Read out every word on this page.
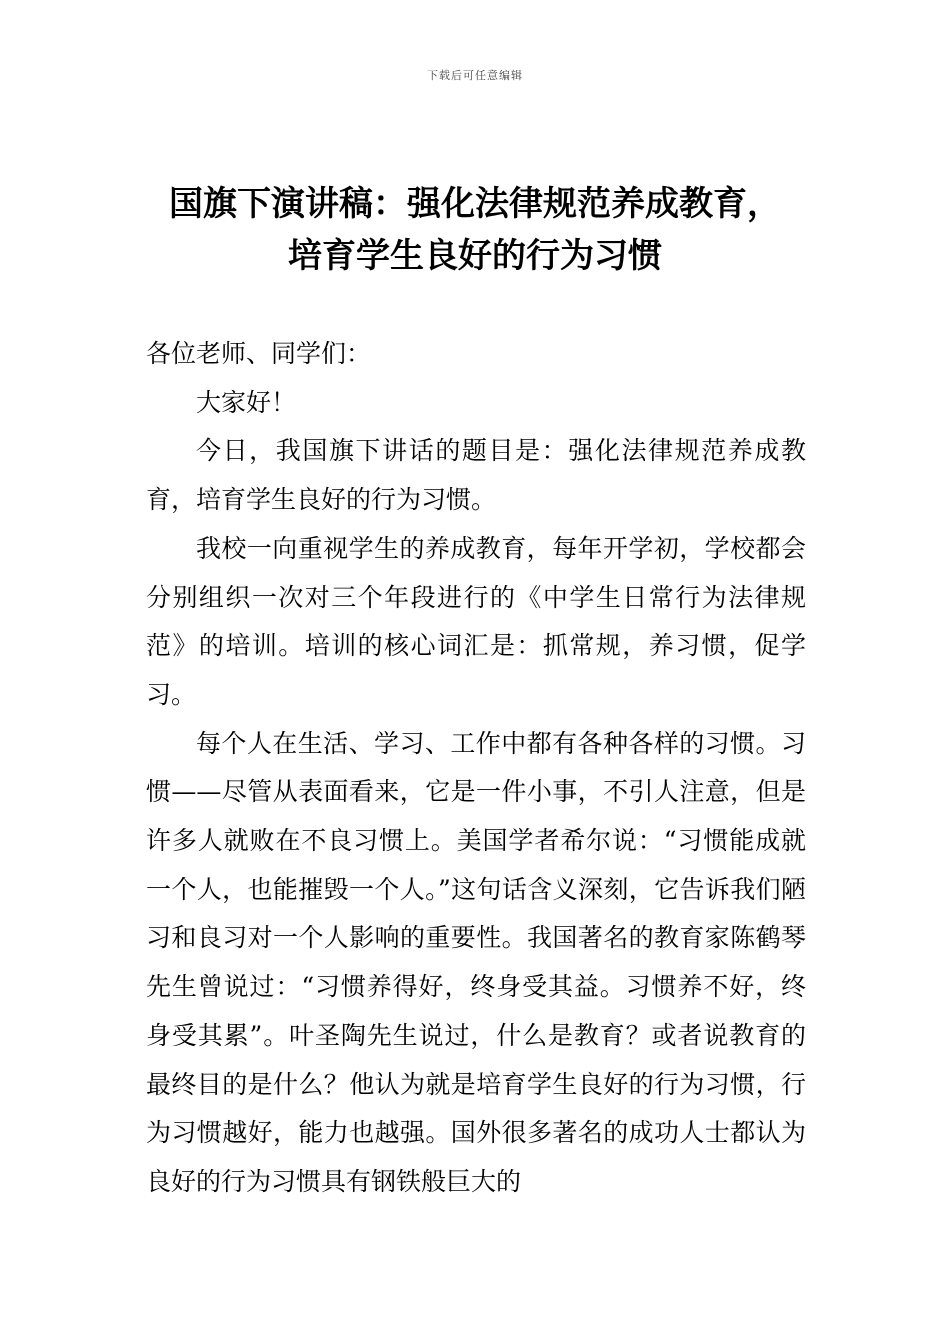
下载后可任意编辑
国旗下演讲稿：强化法律规范养成教育，
培育学生良好的行为习惯

各位老师、同学们：

大家好！

今日，我国旗下讲话的题目是：强化法律规范养成教育，培育学生良好的行为习惯。

我校一向重视学生的养成教育，每年开学初，学校都会分别组织一次对三个年段进行的《中学生日常行为法律规范》的培训。培训的核心词汇是：抓常规，养习惯，促学习。

每个人在生活、学习、工作中都有各种各样的习惯。习惯——尽管从表面看来，它是一件小事，不引人注意，但是许多人就败在不良习惯上。美国学者希尔说：“习惯能成就一个人，也能摧毁一个人。”这句话含义深刻，它告诉我们陋习和良习对一个人影响的重要性。我国著名的教育家陈鹤琴先生曾说过：“习惯养得好，终身受其益。习惯养不好，终身受其累”。叶圣陶先生说过，什么是教育？或者说教育的最终目的是什么？他认为就是培育学生良好的行为习惯，行为习惯越好，能力也越强。国外很多著名的成功人士都认为良好的行为习惯具有钢铁般巨大的
